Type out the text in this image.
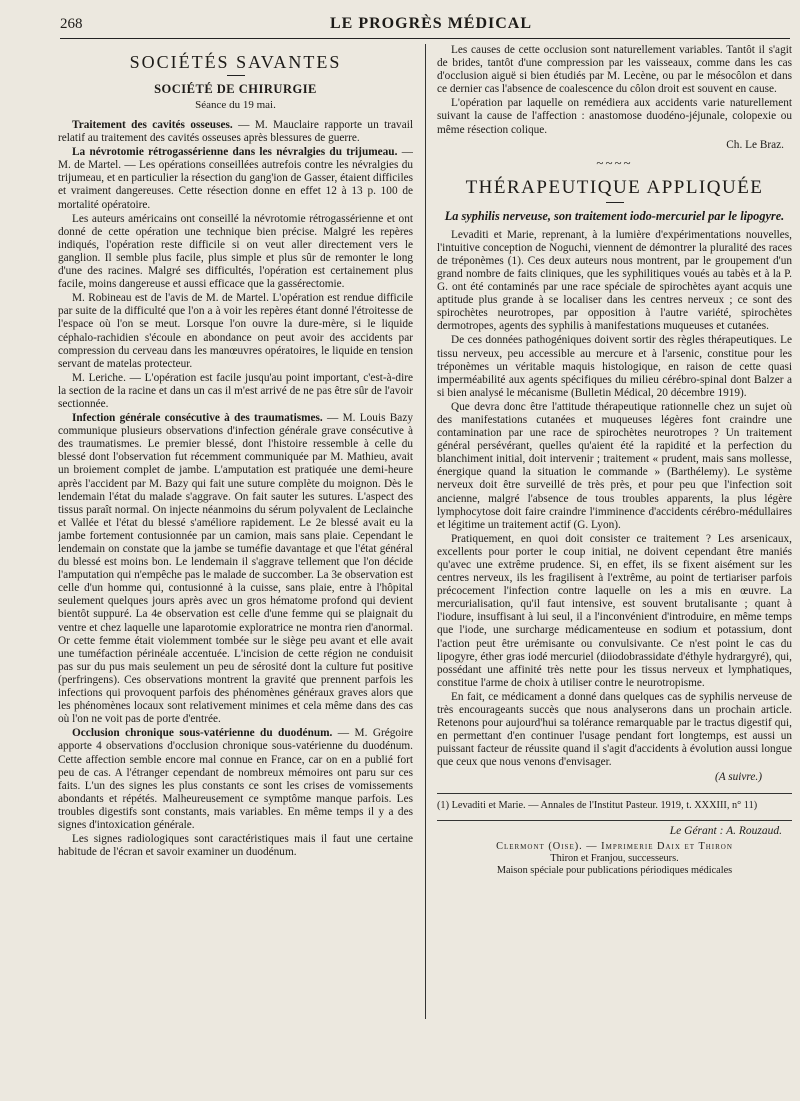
268	LE PROGRÈS MÉDICAL
SOCIÉTÉS SAVANTES
SOCIÉTÉ DE CHIRURGIE
Séance du 19 mai.

Traitement des cavités osseuses. — M. Mauclaire rapporte un travail relatif au traitement des cavités osseuses après blessures de guerre.

La névrotomie rétrogassérienne dans les névralgies du trijumeau. — M. de Martel. — Les opérations conseillées autrefois contre les névralgies du trijumeau, et en particulier la résection du gang'ion de Gasser, étaient difficiles et vraiment dangereuses. Cette résection donne en effet 12 à 13 p. 100 de mortalité opératoire.

Les auteurs américains ont conseillé la névrotomie rétrogassérienne et ont donné de cette opération une technique bien précise. Malgré les repères indiqués, l'opération reste difficile si on veut aller directement vers le ganglion. Il semble plus facile, plus simple et plus sûr de remonter le long d'une des racines. Malgré ses difficultés, l'opération est certainement plus facile, moins dangereuse et aussi efficace que la gassérectomie.

M. Robineau est de l'avis de M. de Martel. L'opération est rendue difficile par suite de la difficulté que l'on a à voir les repères étant donné l'étroitesse de l'espace où l'on se meut. Lorsque l'on ouvre la dure-mère, si le liquide céphalo-rachidien s'écoule en abondance on peut avoir des accidents par compression du cerveau dans les manœuvres opératoires, le liquide en tension servant de matelas protecteur.

M. Leriche. — L'opération est facile jusqu'au point important, c'est-à-dire la section de la racine et dans un cas il m'est arrivé de ne pas être sûr de l'avoir sectionnée.

Infection générale consécutive à des traumatismes. — M. Louis Bazy communique plusieurs observations d'infection générale grave consécutive à des traumatismes. Le premier blessé, dont l'histoire ressemble à celle du blessé dont l'observation fut récemment communiquée par M. Mathieu, avait un broiement complet de jambe. L'amputation est pratiquée une demi-heure après l'accident par M. Bazy qui fait une suture complète du moignon. Dès le lendemain l'état du malade s'aggrave. On fait sauter les sutures. L'aspect des tissus paraît normal. On injecte néanmoins du sérum polyvalent de Leclainche et Vallée et l'état du blessé s'améliore rapidement. Le 2e blessé avait eu la jambe fortement contusionnée par un camion, mais sans plaie. Cependant le lendemain on constate que la jambe se tuméfie davantage et que l'état général du blessé est moins bon. Le lendemain il s'aggrave tellement que l'on décide l'amputation qui n'empêche pas le malade de succomber. La 3e observation est celle d'un homme qui, contusionné à la cuisse, sans plaie, entre à l'hôpital seulement quelques jours après avec un gros hématome profond qui devient bientôt suppuré. La 4e observation est celle d'une femme qui se plaignait du ventre et chez laquelle une laparotomie exploratrice ne montra rien d'anormal. Or cette femme était violemment tombée sur le siège peu avant et elle avait une tuméfaction périnéale accentuée. L'incision de cette région ne conduisit pas sur du pus mais seulement un peu de sérosité dont la culture fut positive (perfringens). Ces observations montrent la gravité que prennent parfois les infections qui provoquent parfois des phénomènes généraux graves alors que les phénomènes locaux sont relativement minimes et cela même dans des cas où l'on ne voit pas de porte d'entrée.

Occlusion chronique sous-vatérienne du duodénum. — M. Grégoire apporte 4 observations d'occlusion chronique sous-vatérienne du duodénum. Cette affection semble encore mal connue en France, car on en a publié fort peu de cas. A l'étranger cependant de nombreux mémoires ont paru sur ces faits. L'un des signes les plus constants ce sont les crises de vomissements abondants et répétés. Malheureusement ce symptôme manque parfois. Les troubles digestifs sont constants, mais variables. En même temps il y a des signes d'intoxication générale.

Les signes radiologiques sont caractéristiques mais il faut une certaine habitude de l'écran et savoir examiner un duodénum.

Les causes de cette occlusion sont naturellement variables. Tantôt il s'agit de brides, tantôt d'une compression par les vaisseaux, comme dans les cas d'occlusion aiguë si bien étudiés par M. Lecène, ou par le mésocôlon et dans ce dernier cas l'absence de coalescence du côlon droit est souvent en cause.

L'opération par laquelle on remédiera aux accidents varie naturellement suivant la cause de l'affection : anastomose duodéno-jéjunale, colopexie ou même résection colique.

Ch. Le Braz.
~~~~
THÉRAPEUTIQUE APPLIQUÉE
La syphilis nerveuse, son traitement iodo-mercuriel par le lipogyre.

Levaditi et Marie, reprenant, à la lumière d'expérimentations nouvelles, l'intuitive conception de Noguchi, viennent de démontrer la pluralité des races de tréponèmes (1). Ces deux auteurs nous montrent, par le groupement d'un grand nombre de faits cliniques, que les syphilitiques voués au tabès et à la P. G. ont été contaminés par une race spéciale de spirochètes ayant acquis une aptitude plus grande à se localiser dans les centres nerveux ; ce sont des spirochètes neurotropes, par opposition à l'autre variété, spirochètes dermotropes, agents des syphilis à manifestations muqueuses et cutanées.

De ces données pathogéniques doivent sortir des règles thérapeutiques. Le tissu nerveux, peu accessible au mercure et à l'arsenic, constitue pour les tréponèmes un véritable maquis histologique, en raison de cette quasi imperméabilité aux agents spécifiques du milieu cérébro-spinal dont Balzer a si bien analysé le mécanisme (Bulletin Médical, 20 décembre 1919).

Que devra donc être l'attitude thérapeutique rationnelle chez un sujet où des manifestations cutanées et muqueuses légères font craindre une contamination par une race de spirochètes neurotropes ? Un traitement général persévérant, quelles qu'aient été la rapidité et la perfection du blanchiment initial, doit intervenir ; traitement « prudent, mais sans mollesse, énergique quand la situation le commande » (Barthélemy). Le système nerveux doit être surveillé de très près, et pour peu que l'infection soit ancienne, malgré l'absence de tous troubles apparents, la plus légère lymphocytose doit faire craindre l'imminence d'accidents cérébro-médullaires et légitime un traitement actif (G. Lyon).

Pratiquement, en quoi doit consister ce traitement ? Les arsenicaux, excellents pour porter le coup initial, ne doivent cependant être maniés qu'avec une extrême prudence. Si, en effet, ils se fixent aisément sur les centres nerveux, ils les fragilisent à l'extrême, au point de tertiariser parfois précocement l'infection contre laquelle on les a mis en œuvre. La mercurialisation, qu'il faut intensive, est souvent brutalisante ; quant à l'iodure, insuffisant à lui seul, il a l'inconvénient d'introduire, en même temps que l'iode, une surcharge médicamenteuse en sodium et potassium, dont l'action peut être urémisante ou convulsivante. Ce n'est point le cas du lipogyre, éther gras iodé mercuriel (diiodobrassidate d'éthyle hydrargyré), qui, possédant une affinité très nette pour les tissus nerveux et lymphatiques, constitue l'arme de choix à utiliser contre le neurotropisme.

En fait, ce médicament a donné dans quelques cas de syphilis nerveuse de très encourageants succès que nous analyserons dans un prochain article. Retenons pour aujourd'hui sa tolérance remarquable par le tractus digestif qui, en permettant d'en continuer l'usage pendant fort longtemps, est aussi un puissant facteur de réussite quand il s'agit d'accidents à évolution aussi longue que ceux que nous venons d'envisager.

(A suivre.)

(1) Levaditi et Marie. — Annales de l'Institut Pasteur. 1919, t. XXXIII, n° 11)

Le Gérant : A. Rouzaud.
Clermont (Oise). — Imprimerie Daix et Thiron
Thiron et Franjou, successeurs.
Maison spéciale pour publications périodiques médicales
